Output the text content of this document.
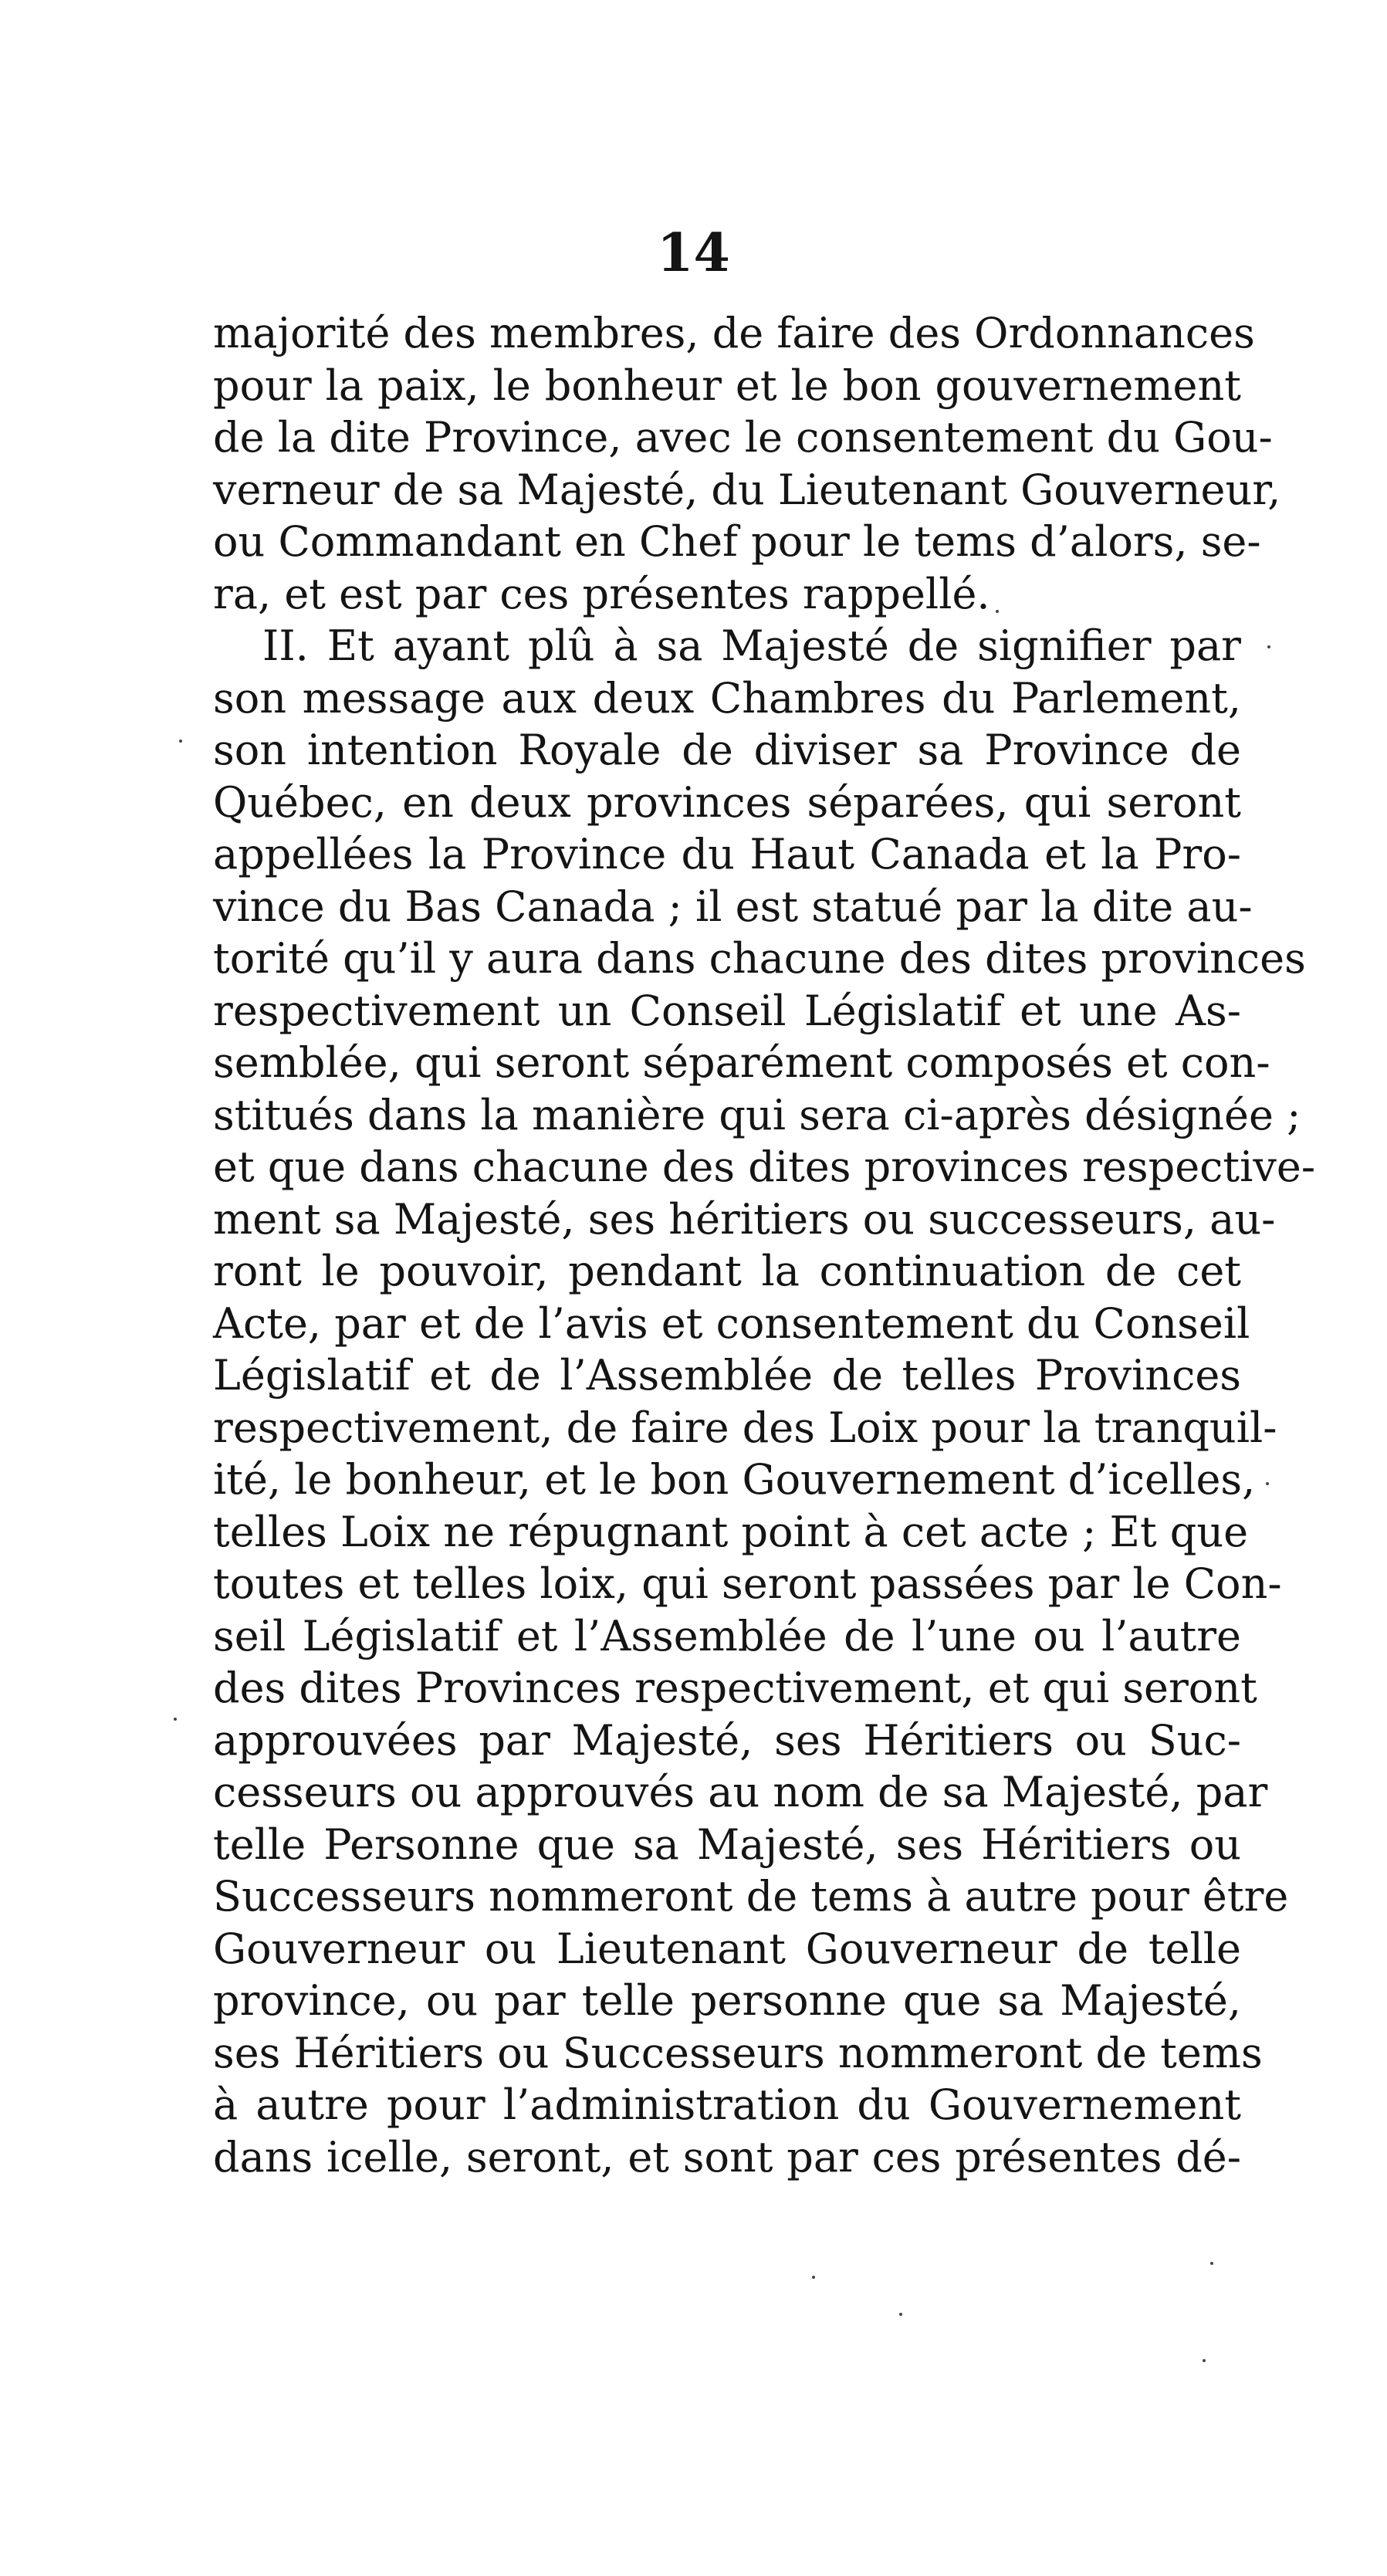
14
majorité des membres, de faire des Ordonnances
pour la paix, le bonheur et le bon gouvernement
de la dite Province, avec le consentement du Gou-
verneur de sa Majesté, du Lieutenant Gouverneur,
ou Commandant en Chef pour le tems d’alors, se-
ra, et est par ces présentes rappellé.
II. Et ayant plû à sa Majesté de signifier par
son message aux deux Chambres du Parlement,
son intention Royale de diviser sa Province de
Québec, en deux provinces séparées, qui seront
appellées la Province du Haut Canada et la Pro-
vince du Bas Canada ; il est statué par la dite au-
torité qu’il y aura dans chacune des dites provinces
respectivement un Conseil Législatif et une As-
semblée, qui seront séparément composés et con-
stitués dans la manière qui sera ci-après désignée ;
et que dans chacune des dites provinces respective-
ment sa Majesté, ses héritiers ou successeurs, au-
ront le pouvoir, pendant la continuation de cet
Acte, par et de l’avis et consentement du Conseil
Législatif et de l’Assemblée de telles Provinces
respectivement, de faire des Loix pour la tranquil-
ité, le bonheur, et le bon Gouvernement d’icelles,
telles Loix ne répugnant point à cet acte ; Et que
toutes et telles loix, qui seront passées par le Con-
seil Législatif et l’Assemblée de l’une ou l’autre
des dites Provinces respectivement, et qui seront
approuvées par Majesté, ses Héritiers ou Suc-
cesseurs ou approuvés au nom de sa Majesté, par
telle Personne que sa Majesté, ses Héritiers ou
Successeurs nommeront de tems à autre pour être
Gouverneur ou Lieutenant Gouverneur de telle
province, ou par telle personne que sa Majesté,
ses Héritiers ou Successeurs nommeront de tems
à autre pour l’administration du Gouvernement
dans icelle, seront, et sont par ces présentes dé-
